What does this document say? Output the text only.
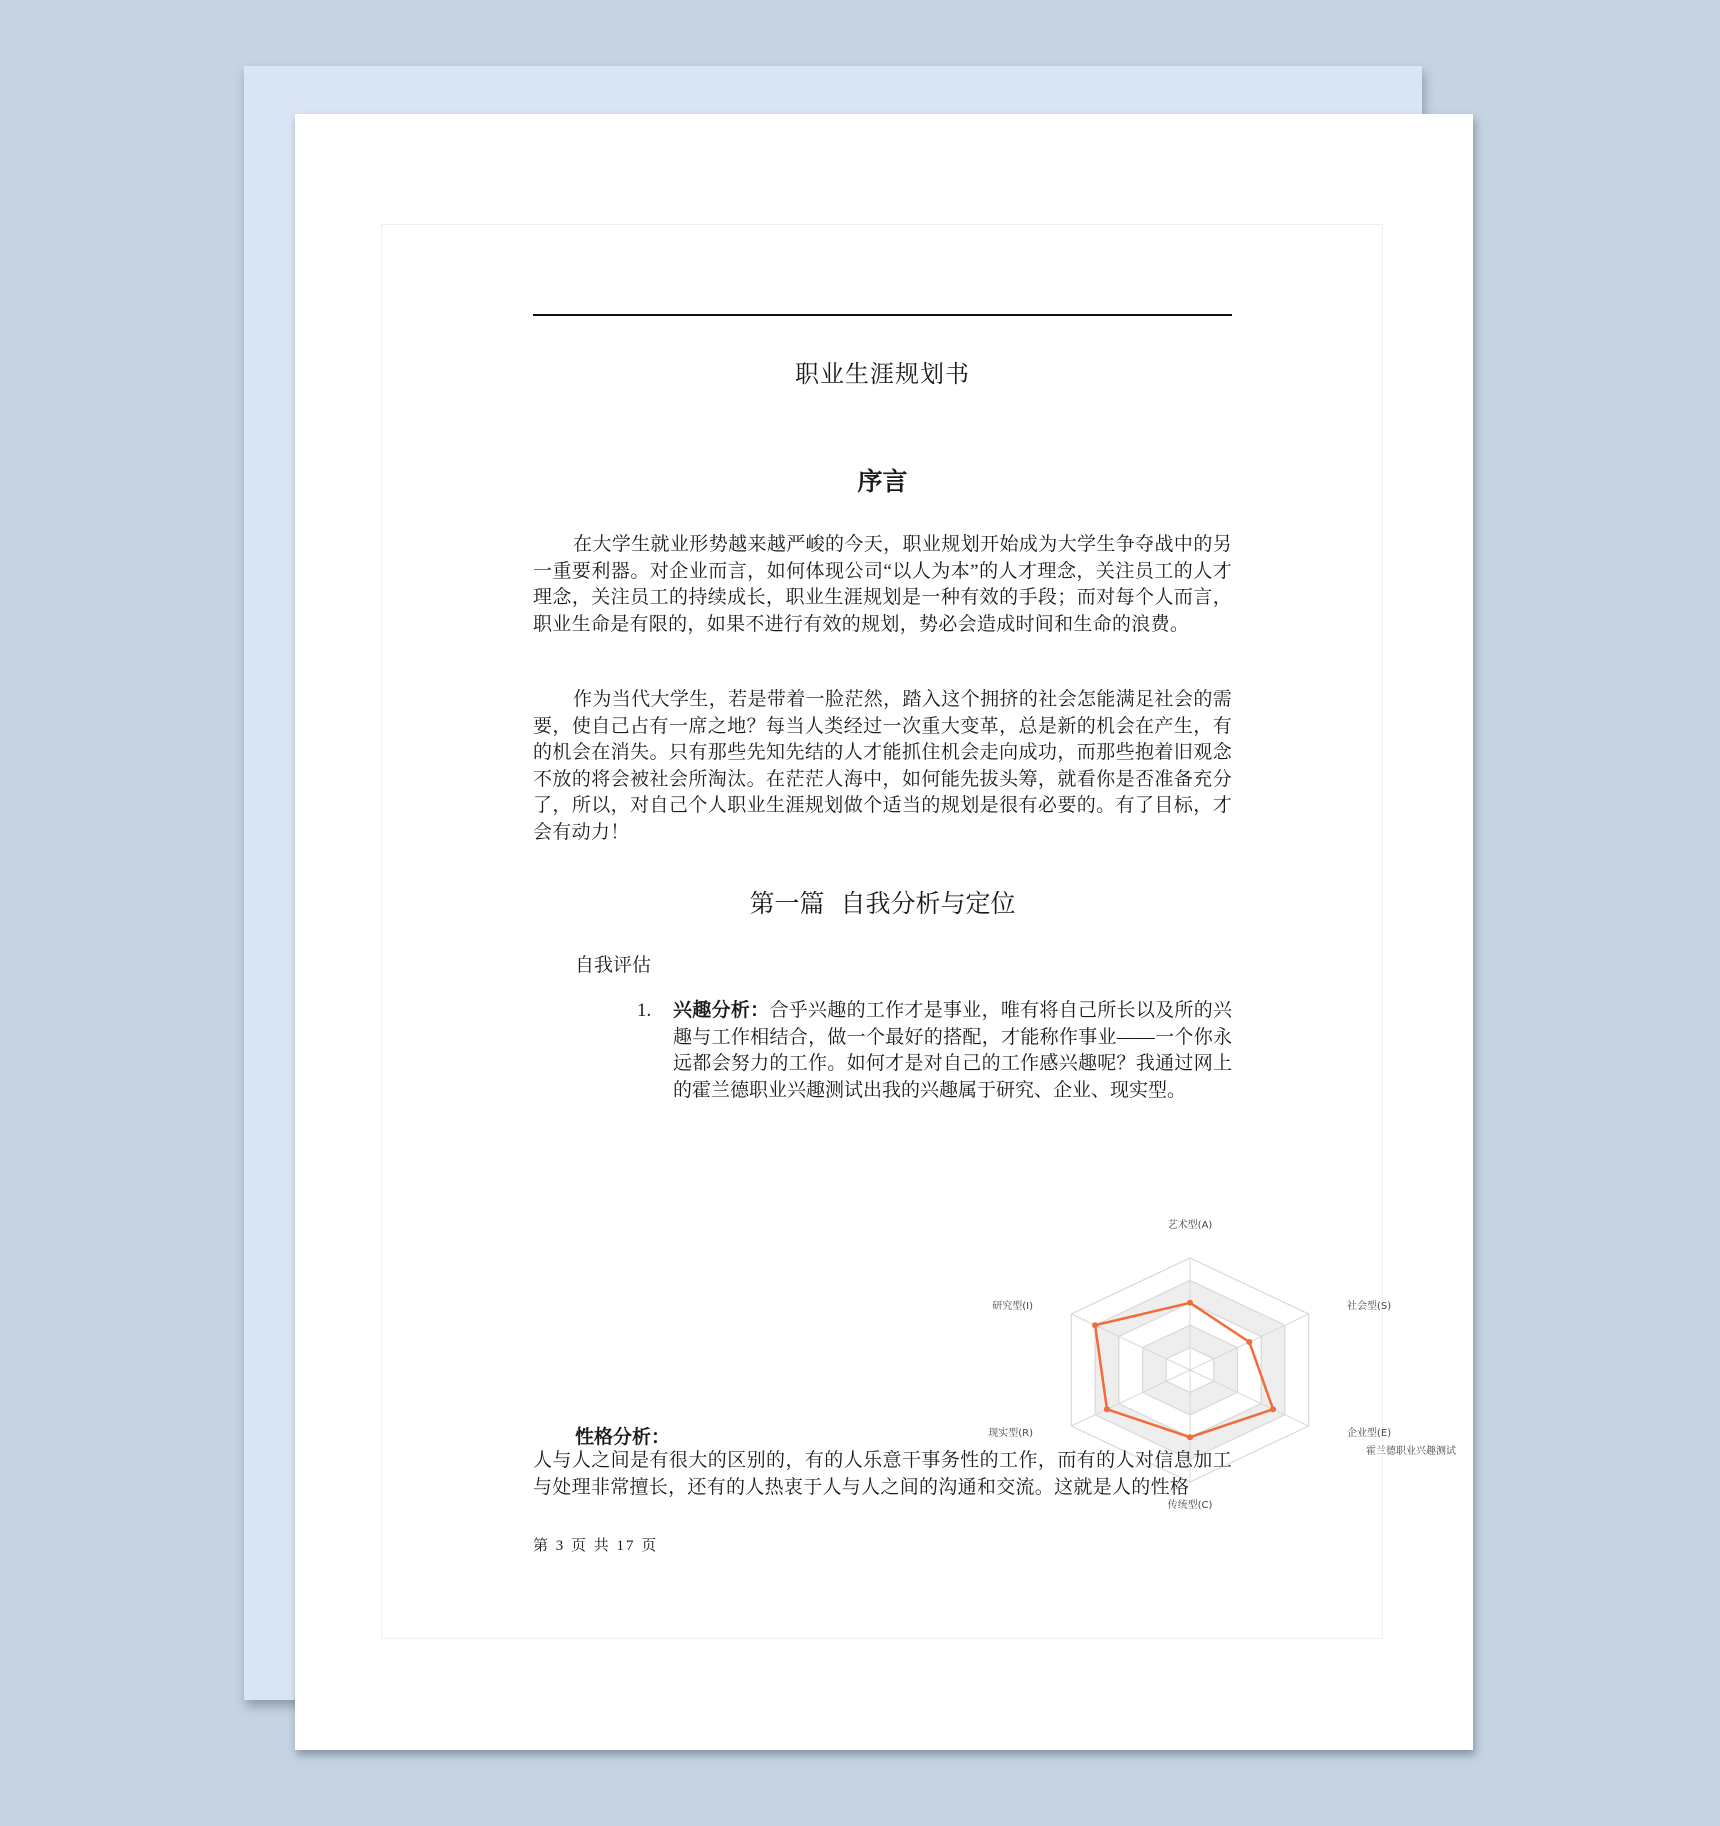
职业生涯规划书
序言

在大学生就业形势越来越严峻的今天，职业规划开始成为大学生争夺战中的另一重要利器。对企业而言，如何体现公司“以人为本”的人才理念，关注员工的人才理念，关注员工的持续成长，职业生涯规划是一种有效的手段；而对每个人而言，职业生命是有限的，如果不进行有效的规划，势必会造成时间和生命的浪费。

作为当代大学生，若是带着一脸茫然，踏入这个拥挤的社会怎能满足社会的需要，使自己占有一席之地？每当人类经过一次重大变革，总是新的机会在产生，有的机会在消失。只有那些先知先结的人才能抓住机会走向成功，而那些抱着旧观念不放的将会被社会所淘汰。在茫茫人海中，如何能先拔头筹，就看你是否准备充分了，所以，对自己个人职业生涯规划做个适当的规划是很有必要的。有了目标，才会有动力！

第一篇  自我分析与定位
自我评估
1. 兴趣分析：合乎兴趣的工作才是事业，唯有将自己所长以及所的兴趣与工作相结合，做一个最好的搭配，才能称作事业——一个你永远都会努力的工作。如何才是对自己的工作感兴趣呢？我通过网上的霍兰德职业兴趣测试出我的兴趣属于研究、企业、现实型。
艺术型(A)
社会型(S)
企业型(E)
传统型(C)
现实型(R)
研究型(I)
霍兰德职业兴趣测试
性格分析：

人与人之间是有很大的区别的，有的人乐意干事务性的工作，而有的人对信息加工与处理非常擅长，还有的人热衷于人与人之间的沟通和交流。这就是人的性格

第 3 页 共 17 页
